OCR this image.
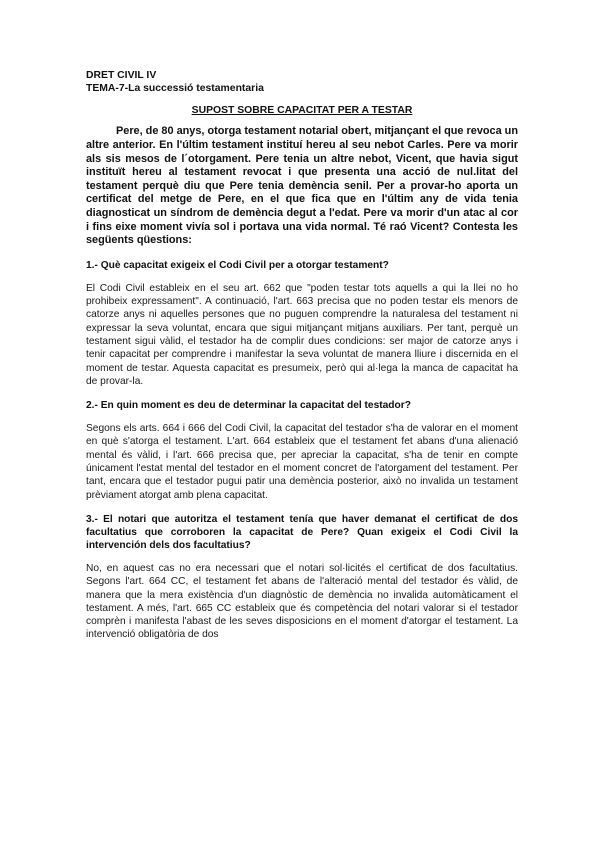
DRET CIVIL IV
TEMA-7-La successió testamentaria
SUPOST SOBRE CAPACITAT PER A TESTAR

Pere, de 80 anys, otorga testament notarial obert, mitjançant el que revoca un altre anterior. En l'últim testament instituí hereu al seu nebot Carles. Pere va morir als sis mesos de l´otorgament. Pere tenia un altre nebot, Vicent, que havia sigut instituït hereu al testament revocat i que presenta una acció de nul.litat del testament perquè diu que Pere tenia demència senil. Per a provar-ho aporta un certificat del metge de Pere, en el que fica que en l'últim any de vida tenia diagnosticat un síndrom de demència degut a l'edat. Pere va morir d'un atac al cor i fins eixe moment vivía sol i portava una vida normal. Té raó Vicent? Contesta les següents qüestions:

1.- Què capacitat exigeix el Codi Civil per a otorgar testament?

El Codi Civil estableix en el seu art. 662 que "poden testar tots aquells a qui la llei no ho prohibeix expressament". A continuació, l'art. 663 precisa que no poden testar els menors de catorze anys ni aquelles persones que no puguen comprendre la naturalesa del testament ni expressar la seva voluntat, encara que sigui mitjançant mitjans auxiliars. Per tant, perquè un testament sigui vàlid, el testador ha de complir dues condicions: ser major de catorze anys i tenir capacitat per comprendre i manifestar la seva voluntat de manera lliure i discernida en el moment de testar. Aquesta capacitat es presumeix, però qui al·lega la manca de capacitat ha de provar-la.

2.- En quin moment es deu de determinar la capacitat del testador?

Segons els arts. 664 i 666 del Codi Civil, la capacitat del testador s'ha de valorar en el moment en què s'atorga el testament. L'art. 664 estableix que el testament fet abans d'una alienació mental és vàlid, i l'art. 666 precisa que, per apreciar la capacitat, s'ha de tenir en compte únicament l'estat mental del testador en el moment concret de l'atorgament del testament. Per tant, encara que el testador pugui patir una demència posterior, això no invalida un testament prèviament atorgat amb plena capacitat.

3.- El notari que autoritza el testament tenía que haver demanat el certificat de dos facultatius que corroboren la capacitat de Pere? Quan exigeix el Codi Civil la intervención dels dos facultatius?

No, en aquest cas no era necessari que el notari sol·licités el certificat de dos facultatius. Segons l'art. 664 CC, el testament fet abans de l'alteració mental del testador és vàlid, de manera que la mera existència d'un diagnòstic de demència no invalida automàticament el testament. A més, l'art. 665 CC estableix que és competència del notari valorar si el testador comprèn i manifesta l'abast de les seves disposicions en el moment d'atorgar el testament. La intervenció obligatòria de dos
